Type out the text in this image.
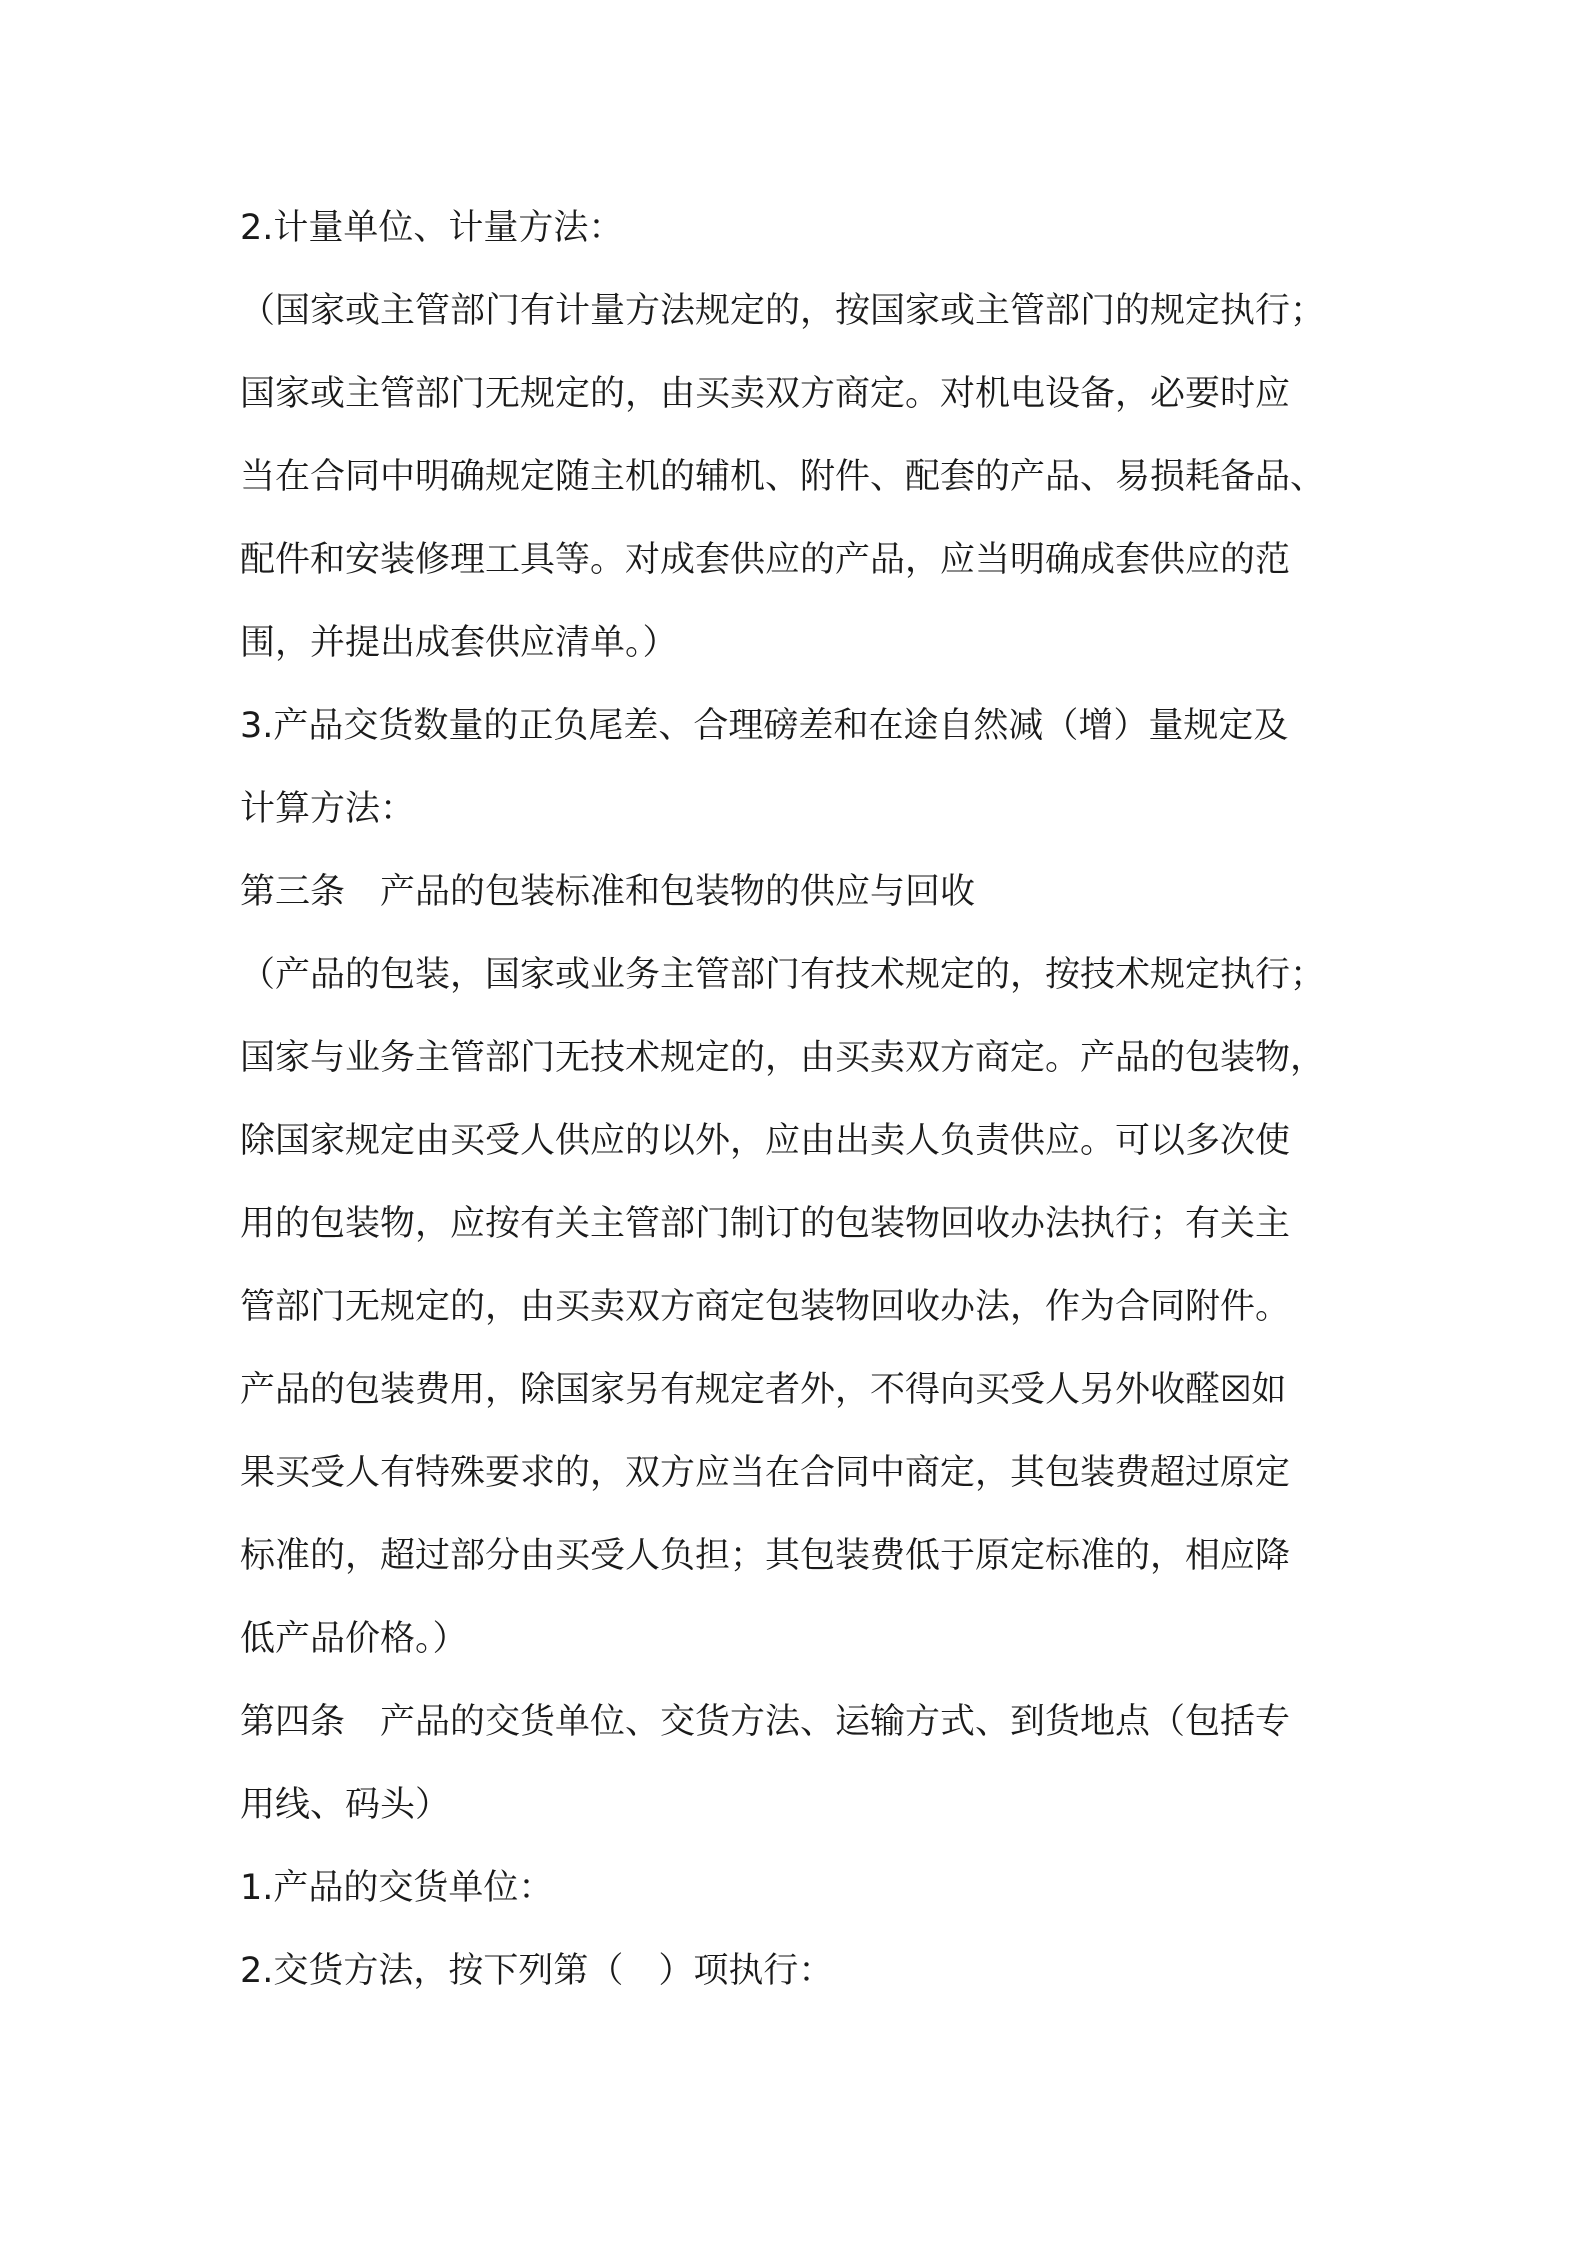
2.计量单位、计量方法：
（国家或主管部门有计量方法规定的，按国家或主管部门的规定执行；
国家或主管部门无规定的，由买卖双方商定。对机电设备，必要时应
当在合同中明确规定随主机的辅机、附件、配套的产品、易损耗备品、
配件和安装修理工具等。对成套供应的产品，应当明确成套供应的范
围，并提出成套供应清单。）
3.产品交货数量的正负尾差、合理磅差和在途自然减（增）量规定及
计算方法：
第三条　产品的包装标准和包装物的供应与回收
（产品的包装，国家或业务主管部门有技术规定的，按技术规定执行；
国家与业务主管部门无技术规定的，由买卖双方商定。产品的包装物，
除国家规定由买受人供应的以外，应由出卖人负责供应。可以多次使
用的包装物，应按有关主管部门制订的包装物回收办法执行；有关主
管部门无规定的，由买卖双方商定包装物回收办法，作为合同附件。
产品的包装费用，除国家另有规定者外，不得向买受人另外收醛☒如
果买受人有特殊要求的，双方应当在合同中商定，其包装费超过原定
标准的，超过部分由买受人负担；其包装费低于原定标准的，相应降
低产品价格。）
第四条　产品的交货单位、交货方法、运输方式、到货地点（包括专
用线、码头）
1.产品的交货单位：
2.交货方法，按下列第（　）项执行：
